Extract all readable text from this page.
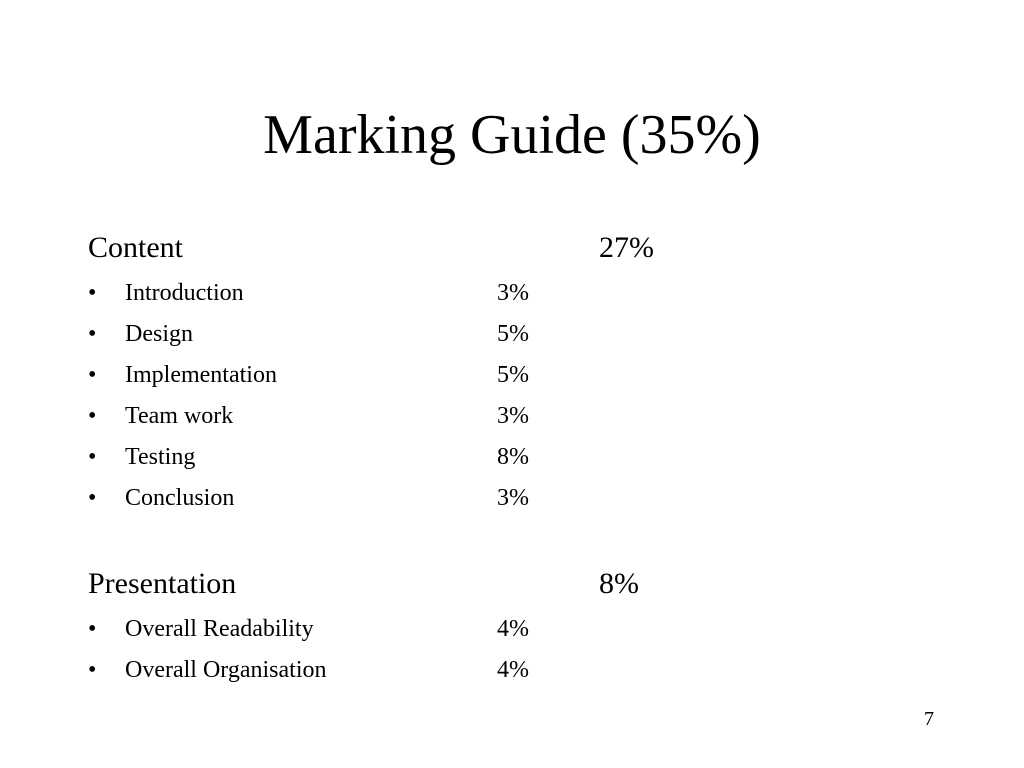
Marking Guide (35%)
Content	27%
• Introduction	3%
• Design	5%
• Implementation	5%
• Team work	3%
• Testing	8%
• Conclusion	3%
Presentation	8%
• Overall Readability	4%
• Overall Organisation	4%
7
